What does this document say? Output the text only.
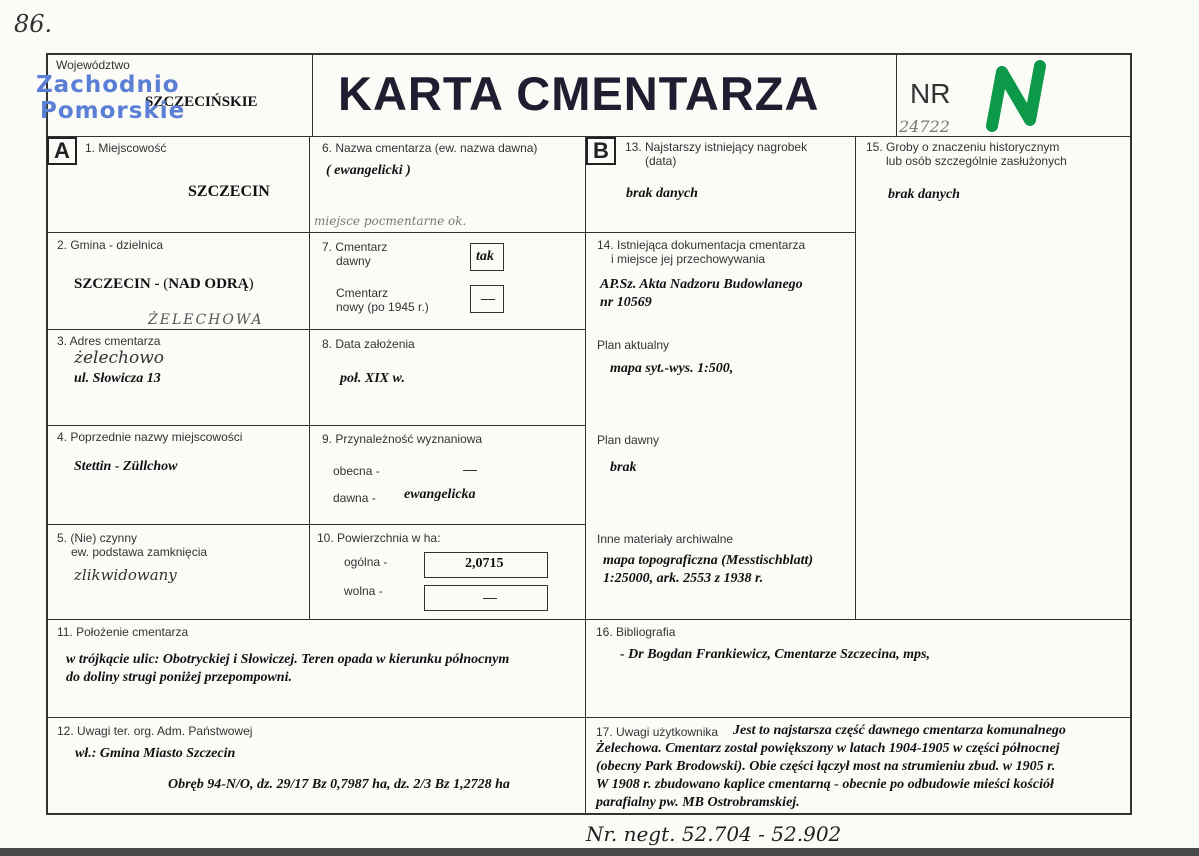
86.
Województwo
SZCZECIŃSKIE
Zachodnio
Pomorskie	KARTA CMENTARZA	NR
24722
A	B
1. Miejscowość
SZCZECIN
2. Gmina - dzielnica
SZCZECIN - (NAD ODRĄ)
ŻELECHOWA
3. Adres cmentarza
żelechowo
ul. Słowicza 13
4. Poprzednie nazwy miejscowości
Stettin - Züllchow
5. (Nie) czynny
ew. podstawa zamknięcia
zlikwidowany
6. Nazwa cmentarza (ew. nazwa dawna)
( ewangelicki )
miejsce pocmentarne ok.
7. Cmentarz
dawny	tak
Cmentarz
nowy (po 1945 r.)
—
8. Data założenia
poł. XIX w.
9. Przynależność wyznaniowa
obecna -	—
dawna - ewangelicka
10. Powierzchnia w ha:
ogólna -	2,0715
wolna -	—
11. Położenie cmentarza
w trójkącie ulic: Obotryckiej i Słowiczej. Teren opada w kierunku północnym
do doliny strugi poniżej przepompowni.
12. Uwagi ter. org. Adm. Państwowej
wł.: Gmina Miasto Szczecin
Obręb 94-N/O, dz. 29/17 Bz 0,7987 ha, dz. 2/3 Bz 1,2728 ha
13. Najstarszy istniejący nagrobek
(data)
brak danych
14. Istniejąca dokumentacja cmentarza
i miejsce jej przechowywania
AP.Sz. Akta Nadzoru Budowlanego
nr 10569
Plan aktualny
mapa syt.-wys. 1:500,
Plan dawny
brak
Inne materiały archiwalne
mapa topograficzna (Messtischblatt)
1:25000, ark. 2553 z 1938 r.
15. Groby o znaczeniu historycznym
lub osób szczególnie zasłużonych
brak danych
16. Bibliografia
- Dr Bogdan Frankiewicz, Cmentarze Szczecina, mps,
17. Uwagi użytkownika Jest to najstarsza część dawnego cmentarza komunalnego
Żelechowa. Cmentarz został powiększony w latach 1904-1905 w części północnej
(obecny Park Brodowski). Obie części łączył most na strumieniu zbud. w 1905 r.
W 1908 r. zbudowano kaplice cmentarną - obecnie po odbudowie mieści kościół
parafialny pw. MB Ostrobramskiej.
Nr. negt. 52.704 - 52.902
